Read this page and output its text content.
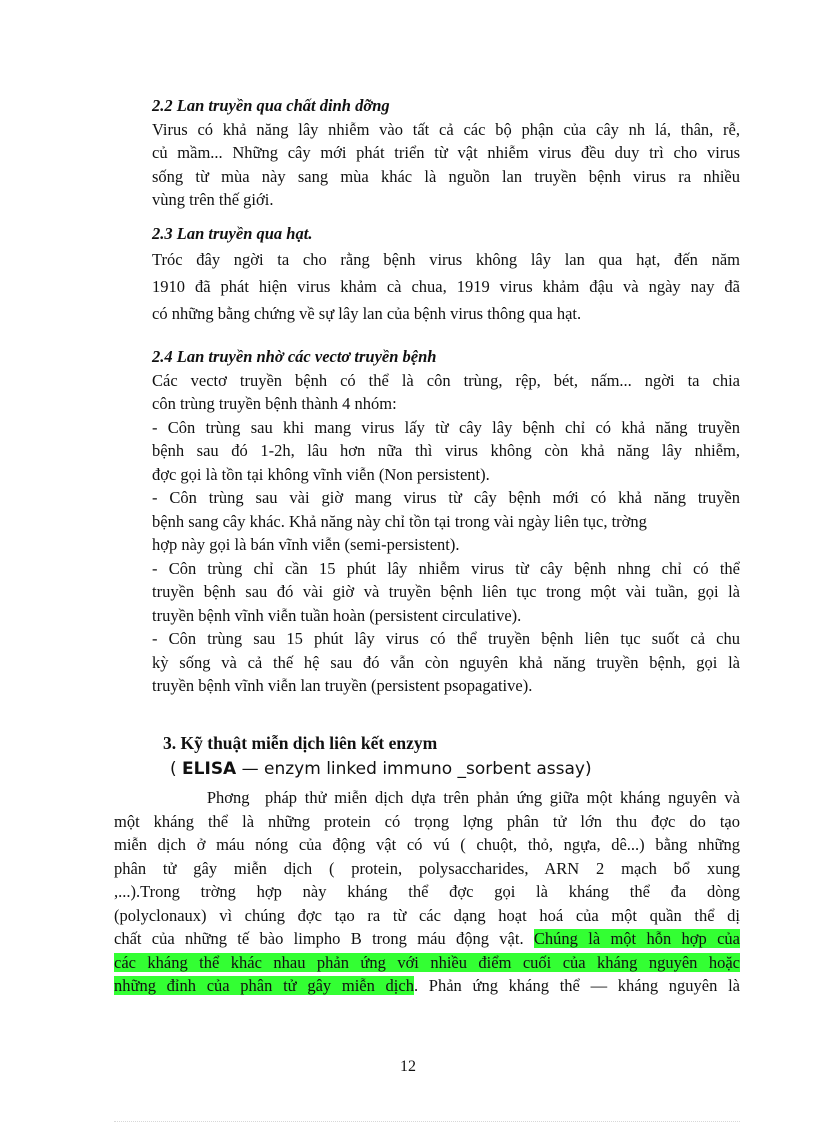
2.2 Lan truyền qua chất dinh dỡng
Virus có khả năng lây nhiễm vào tất cả các bộ phận của cây nh lá, thân, rễ,
củ mầm... Những cây mới phát triển từ vật nhiễm virus đều duy trì cho virus
sống từ mùa này sang mùa khác là nguồn lan truyền bệnh virus ra nhiều
vùng trên thế giới.
2.3 Lan truyền qua hạt.
Tróc đây ngời ta cho rằng bệnh virus không lây lan qua hạt, đến năm
1910 đã phát hiện virus khảm cà chua, 1919 virus khảm đậu và ngày nay đã
có những bằng chứng về sự lây lan của bệnh virus thông qua hạt.
2.4 Lan truyền nhờ các vectơ truyền bệnh
Các vectơ truyền bệnh có thể là côn trùng, rệp, bét, nấm... ngời ta chia
côn trùng truyền bệnh thành 4 nhóm:
- Côn trùng sau khi mang virus lấy từ cây lây bệnh chỉ có khả năng truyền
bệnh sau đó 1-2h, lâu hơn nữa thì virus không còn khả năng lây nhiễm,
đợc gọi là tồn tại không vĩnh viễn (Non persistent).
- Côn trùng sau vài giờ mang virus từ cây bệnh mới có khả năng truyền
bệnh sang cây khác. Khả năng này chỉ tồn tại trong vài ngày liên tục, trờng
hợp này gọi là bán vĩnh viễn (semi-persistent).
- Côn trùng chỉ cần 15 phút lây nhiễm virus từ cây bệnh nhng chỉ có thể
truyền bệnh sau đó vài giờ và truyền bệnh liên tục trong một vài tuần, gọi là
truyền bệnh vĩnh viễn tuần hoàn (persistent circulative).
- Côn trùng sau 15 phút lây virus có thể truyền bệnh liên tục suốt cả chu
kỳ sống và cả thế hệ sau đó vẫn còn nguyên khả năng truyền bệnh, gọi là
truyền bệnh vĩnh viễn lan truyền (persistent psopagative).
3. Kỹ thuật miễn dịch liên kết enzym
( ELISA — enzym linked immuno _sorbent assay)
Phơng  pháp thử miễn dịch dựa trên phản ứng giữa một kháng nguyên và
một kháng thể là những protein có trọng lợng phân tử lớn thu đợc do tạo
miễn dịch ở máu nóng của động vật có vú ( chuột, thỏ, ngựa, dê...) bằng những
phân tử gây miễn dịch ( protein, polysaccharides, ARN 2 mạch bổ xung
,...).Trong trờng hợp này kháng thể đợc gọi là kháng thể đa dòng
(polyclonaux) vì chúng đợc tạo ra từ các dạng hoạt hoá của một quần thể dị
chất của những tế bào limpho B trong máu động vật. Chúng là một hỗn hợp của
các kháng thể khác nhau phản ứng với nhiều điểm cuối của kháng nguyên hoặc
những đỉnh của phân tử gây miễn dịch. Phản ứng kháng thể — kháng nguyên là
12
